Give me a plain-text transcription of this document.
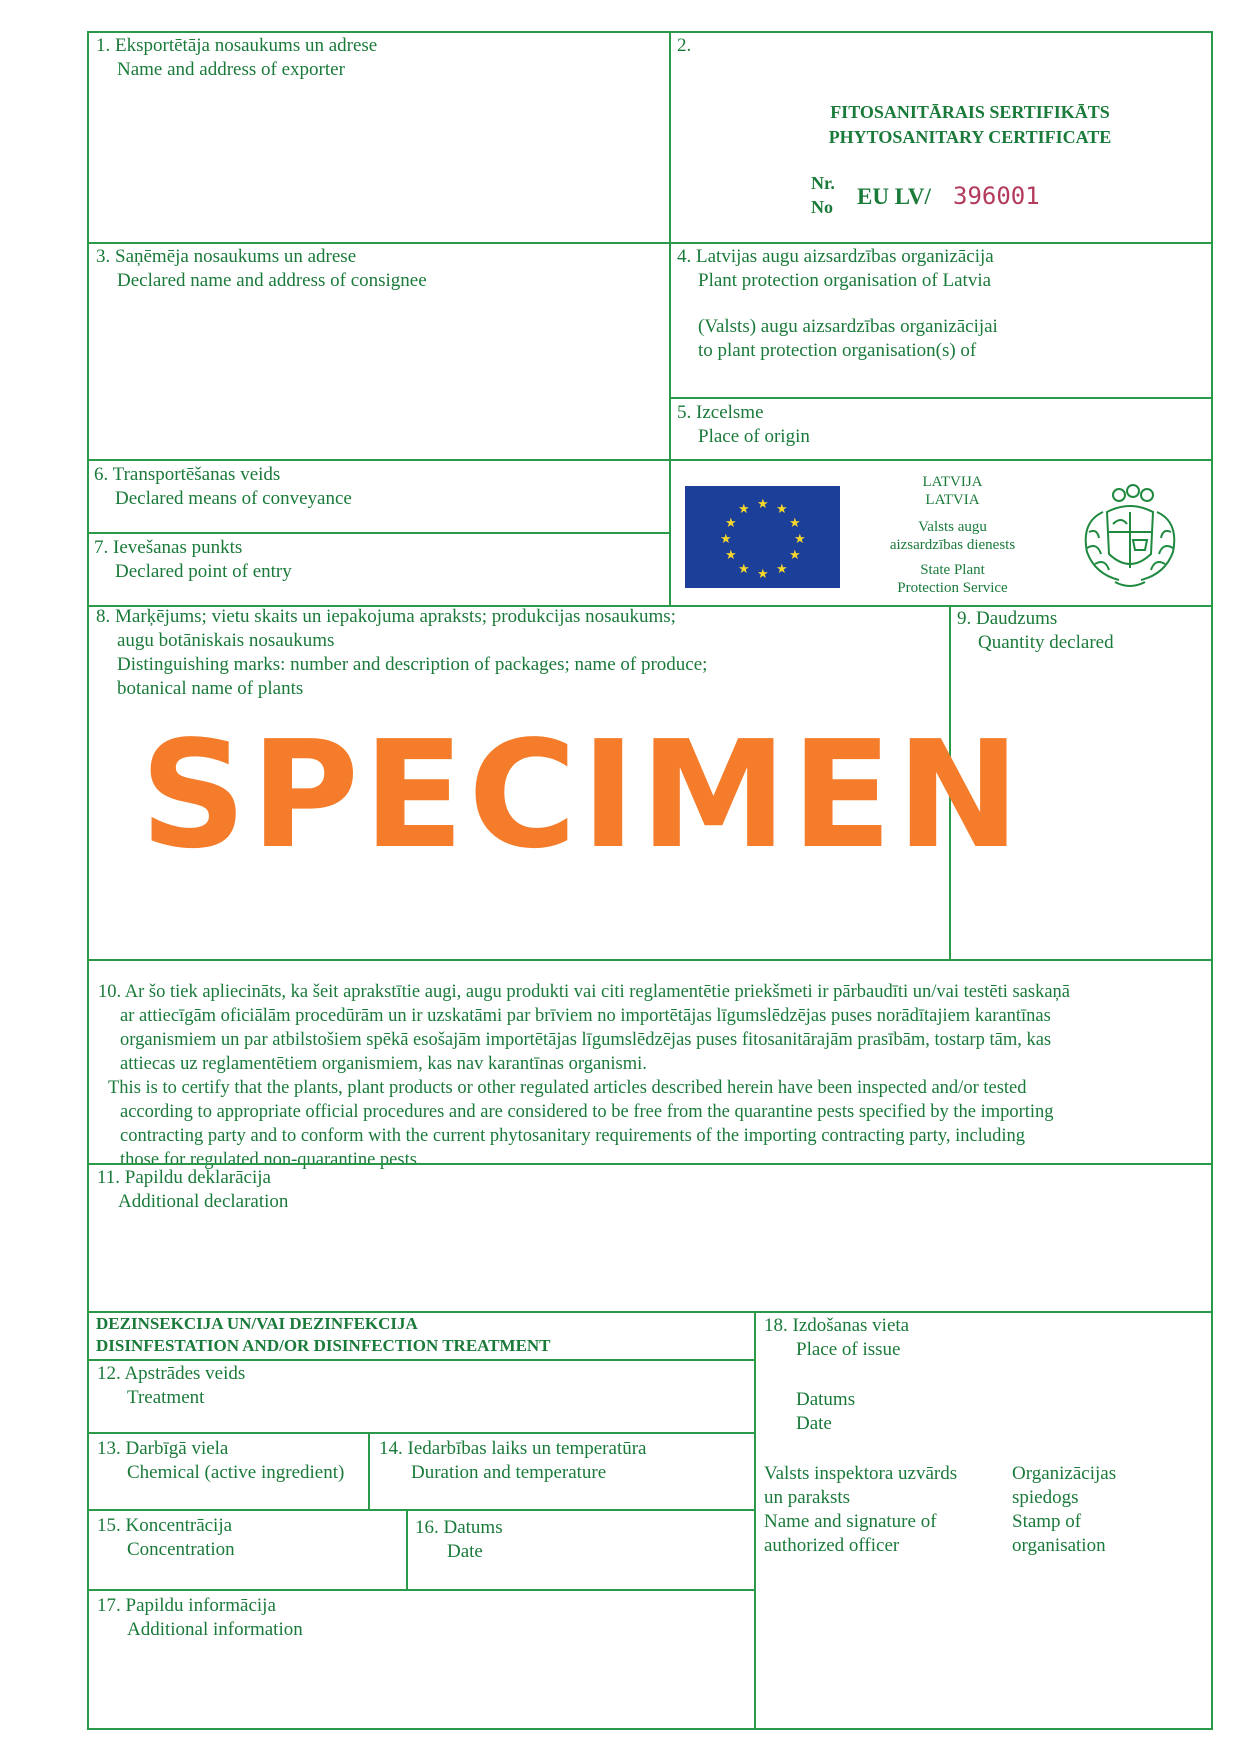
1. Eksportētāja nosaukums un adrese
Name and address of exporter
2.
FITOSANITĀRAIS SERTIFIKĀTS
PHYTOSANITARY CERTIFICATE
Nr.
No EU LV/ 396001
3. Saņēmēja nosaukums un adrese
Declared name and address of consignee
4. Latvijas augu aizsardzības organizācija
Plant protection organisation of Latvia
(Valsts) augu aizsardzības organizācijai
to plant protection organisation(s) of
5. Izcelsme
Place of origin
6. Transportēšanas veids
Declared means of conveyance
7. Ievešanas punkts
Declared point of entry
★ ★
★
★
★
★
★
★
★
★
★
★
LATVIJA
LATVIA
Valsts augu
aizsardzības dienests
State Plant
Protection Service
8. Marķējums; vietu skaits un iepakojuma apraksts; produkcijas nosaukums;
augu botāniskais nosaukums
Distinguishing marks: number and description of packages; name of produce;
botanical name of plants
9. Daudzums
Quantity declared
SPECIMEN

10. Ar šo tiek apliecināts, ka šeit aprakstītie augi, augu produkti vai citi reglamentētie priekšmeti ir pārbaudīti un/vai testēti saskaņā

ar attiecīgām oficiālām procedūrām un ir uzskatāmi par brīviem no importētājas līgumslēdzējas puses norādītajiem karantīnas

organismiem un par atbilstošiem spēkā esošajām importētājas līgumslēdzējas puses fitosanitārajām prasībām, tostarp tām, kas

attiecas uz reglamentētiem organismiem, kas nav karantīnas organismi.

This is to certify that the plants, plant products or other regulated articles described herein have been inspected and/or tested

according to appropriate official procedures and are considered to be free from the quarantine pests specified by the importing

contracting party and to conform with the current phytosanitary requirements of the importing contracting party, including

those for regulated non-quarantine pests.

11. Papildu deklarācija
Additional declaration
DEZINSEKCIJA UN/VAI DEZINFEKCIJA
DISINFESTATION AND/OR DISINFECTION TREATMENT
12. Apstrādes veids
Treatment
13. Darbīgā viela
Chemical (active ingredient)
14. Iedarbības laiks un temperatūra
Duration and temperature
15. Koncentrācija
Concentration
16. Datums
Date
17. Papildu informācija
Additional information
18. Izdošanas vieta
Place of issue
Datums
Date
Valsts inspektora uzvārds
un paraksts
Name and signature of
authorized officer
Organizācijas
spiedogs
Stamp of
organisation
